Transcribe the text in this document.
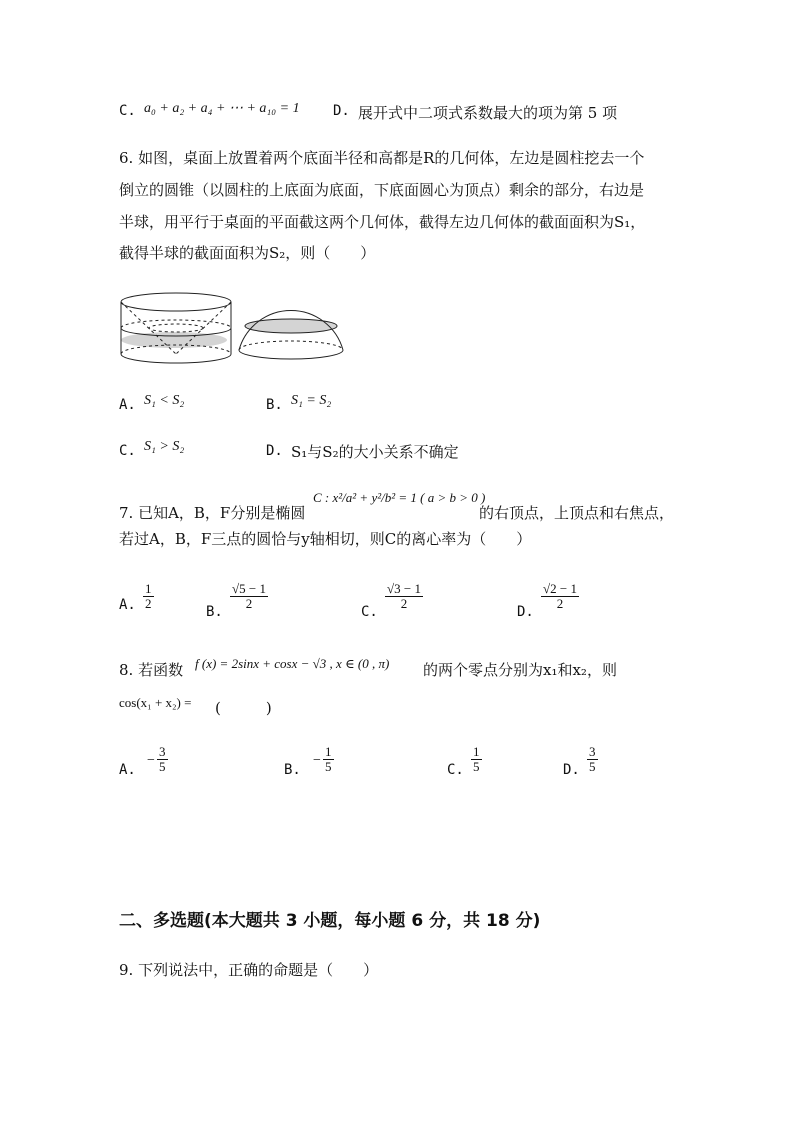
C. a₀ + a₂ + a₄ + ⋯ + a₁₀ = 1 D. 展开式中二项式系数最大的项为第 5 项
6. 如图，桌面上放置着两个底面半径和高都是R的几何体，左边是圆柱挖去一个
倒立的圆锥（以圆柱的上底面为底面，下底面圆心为顶点）剩余的部分，右边是
半球，用平行于桌面的平面截这两个几何体，截得左边几何体的截面面积为S₁，
截得半球的截面面积为S₂，则（　　）
A. S₁ < S₂	B. S₁ = S₂
C. S₁ > S₂	D. S₁与S₂的大小关系不确定
7. 已知A，B，F分别是椭圆
C : x²/a² + y²/b² = 1 ( a > b > 0 )
的右顶点，上顶点和右焦点，
若过A，B，F三点的圆恰与y轴相切，则C的离心率为（　　）
A. $\frac{1}{2}$
B.
$\frac{√5 - 1}{2}$
C.
$\frac{√3 - 1}{2}$
D.
$\frac{√2 - 1}{2}$
8. 若函数 f (x) = 2sinx + cosx − √3 , x ∈ (0 , π) 的两个零点分别为x₁和x₂，则
cos(x₁ + x₂) = (　　　)
A.
− $\frac{3}{5}$	B.
− $\frac{1}{5}$	C. $\frac{1}{5}$	D. $\frac{3}{5}$
二、多选题(本大题共 3 小题，每小题 6 分，共 18 分)
9. 下列说法中，正确的命题是（　　）
